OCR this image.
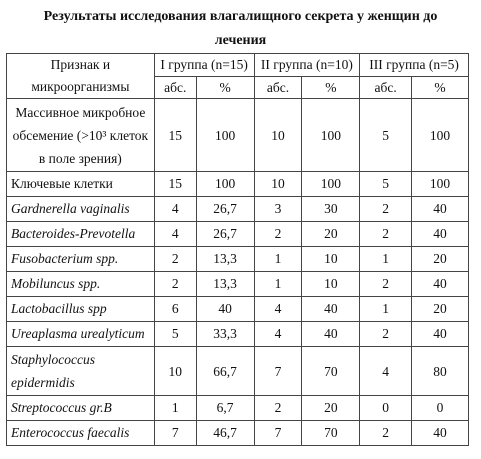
Результаты исследования влагалищного секрета у женщин до
лечения
Признак и микроорганизмы	I группа (n=15)		II группа (n=10)		III группа (n=5)	
	абс.	%	абс.	%	абс.	%
Массивное микробное обсемение (>10³ клеток в поле зрения)	15	100	10	100	5	100
Ключевые клетки	15	100	10	100	5	100
Gardnerella vaginalis	4	26,7	3	30	2	40
Bacteroides-Prevotella	4	26,7	2	20	2	40
Fusobacterium spp.	2	13,3	1	10	1	20
Mobiluncus spp.	2	13,3	1	10	2	40
Lactobacillus spp	6	40	4	40	1	20
Ureaplasma urealyticum	5	33,3	4	40	2	40
Staphylococcus epidermidis	10	66,7	7	70	4	80
Streptococcus gr.B	1	6,7	2	20	0	0
Enterococcus faecalis	7	46,7	7	70	2	40
